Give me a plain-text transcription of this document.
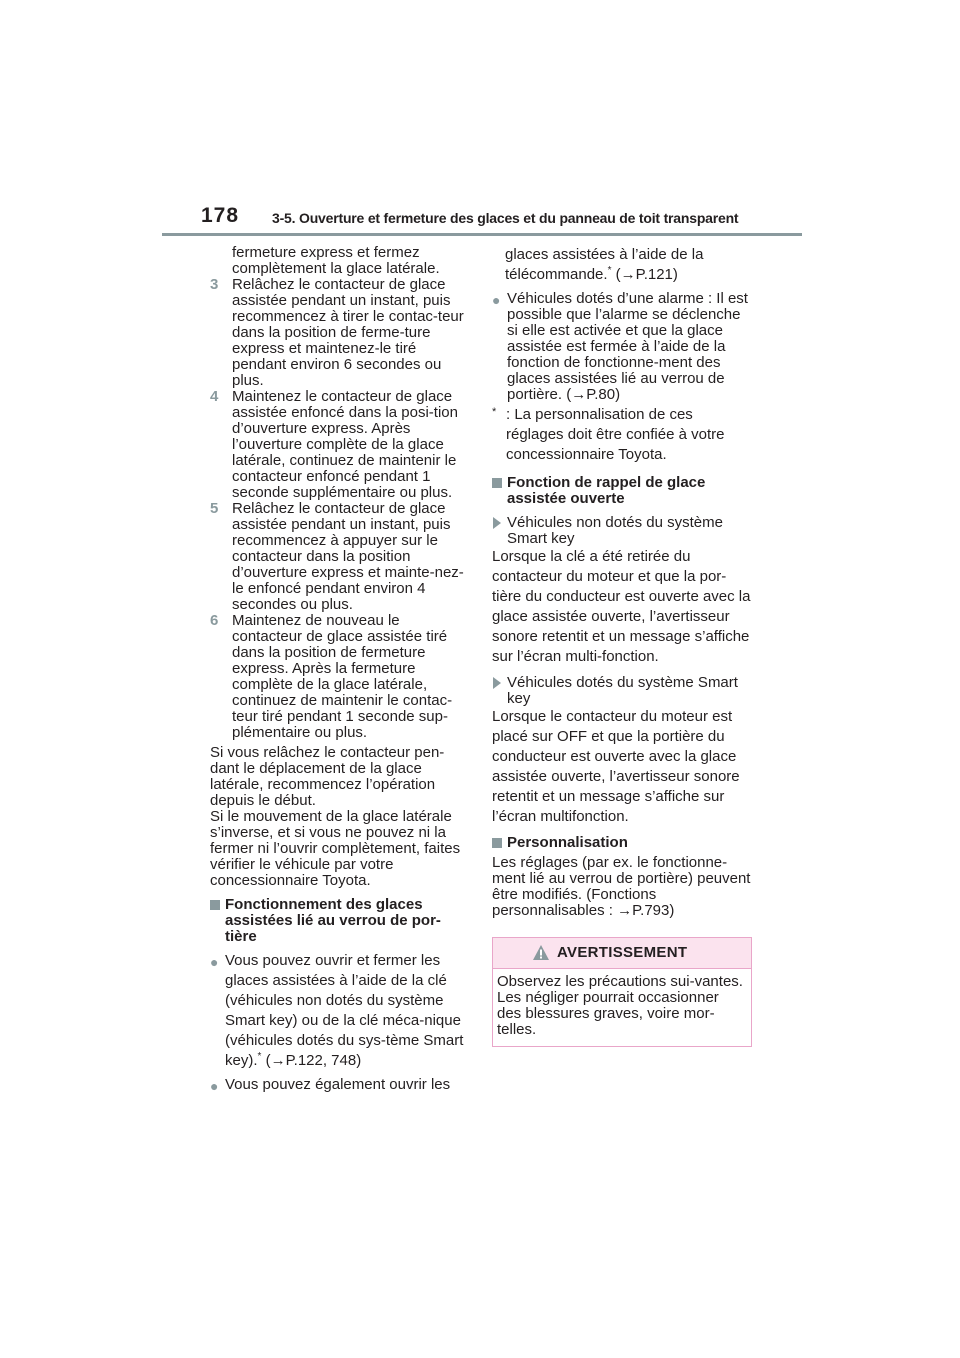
178 3-5. Ouverture et fermeture des glaces et du panneau de toit transparent

fermeture express et fermez complètement la glace latérale.

3 Relâchez le contacteur de glace assistée pendant un instant, puis recommencez à tirer le contac-teur dans la position de ferme-ture express et maintenez-le tiré pendant environ 6 secondes ou plus.
4 Maintenez le contacteur de glace assistée enfoncé dans la posi-tion d’ouverture express. Après l’ouverture complète de la glace latérale, continuez de maintenir le contacteur enfoncé pendant 1 seconde supplémentaire ou plus.
5 Relâchez le contacteur de glace assistée pendant un instant, puis recommencez à appuyer sur le contacteur dans la position d’ouverture express et mainte-nez-le enfoncé pendant environ 4 secondes ou plus.
6 Maintenez de nouveau le contacteur de glace assistée tiré dans la position de fermeture express. Après la fermeture complète de la glace latérale, continuez de maintenir le contac-teur tiré pendant 1 seconde sup-plémentaire ou plus.

Si vous relâchez le contacteur pen-dant le déplacement de la glace latérale, recommencez l’opération depuis le début.

Si le mouvement de la glace latérale s’inverse, et si vous ne pouvez ni la fermer ni l’ouvrir complètement, faites vérifier le véhicule par votre concessionnaire Toyota.

Fonctionnement des glaces assistées lié au verrou de por-tière
● Vous pouvez ouvrir et fermer les glaces assistées à l’aide de la clé (véhicules non dotés du système Smart key) ou de la clé méca-nique (véhicules dotés du sys-tème Smart key).* (→P.122, 748)
● Vous pouvez également ouvrir les

glaces assistées à l’aide de la télécommande.* (→P.121)

● Véhicules dotés d’une alarme : Il est possible que l’alarme se déclenche si elle est activée et que la glace assistée est fermée à l’aide de la fonction de fonctionne-ment des glaces assistées lié au verrou de portière. (→P.80)
* : La personnalisation de ces réglages doit être confiée à votre concessionnaire Toyota.
Fonction de rappel de glace assistée ouverte
Véhicules non dotés du système Smart key

Lorsque la clé a été retirée du contacteur du moteur et que la por-tière du conducteur est ouverte avec la glace assistée ouverte, l’avertisseur sonore retentit et un message s’affiche sur l’écran multi-fonction.

Véhicules dotés du système Smart key

Lorsque le contacteur du moteur est placé sur OFF et que la portière du conducteur est ouverte avec la glace assistée ouverte, l’avertisseur sonore retentit et un message s’affiche sur l’écran multifonction.

Personnalisation

Les réglages (par ex. le fonctionne-ment lié au verrou de portière) peuvent être modifiés. (Fonctions personnalisables : →P.793)

AVERTISSEMENT

Observez les précautions sui-vantes.

Les négliger pourrait occasionner des blessures graves, voire mor-telles.
